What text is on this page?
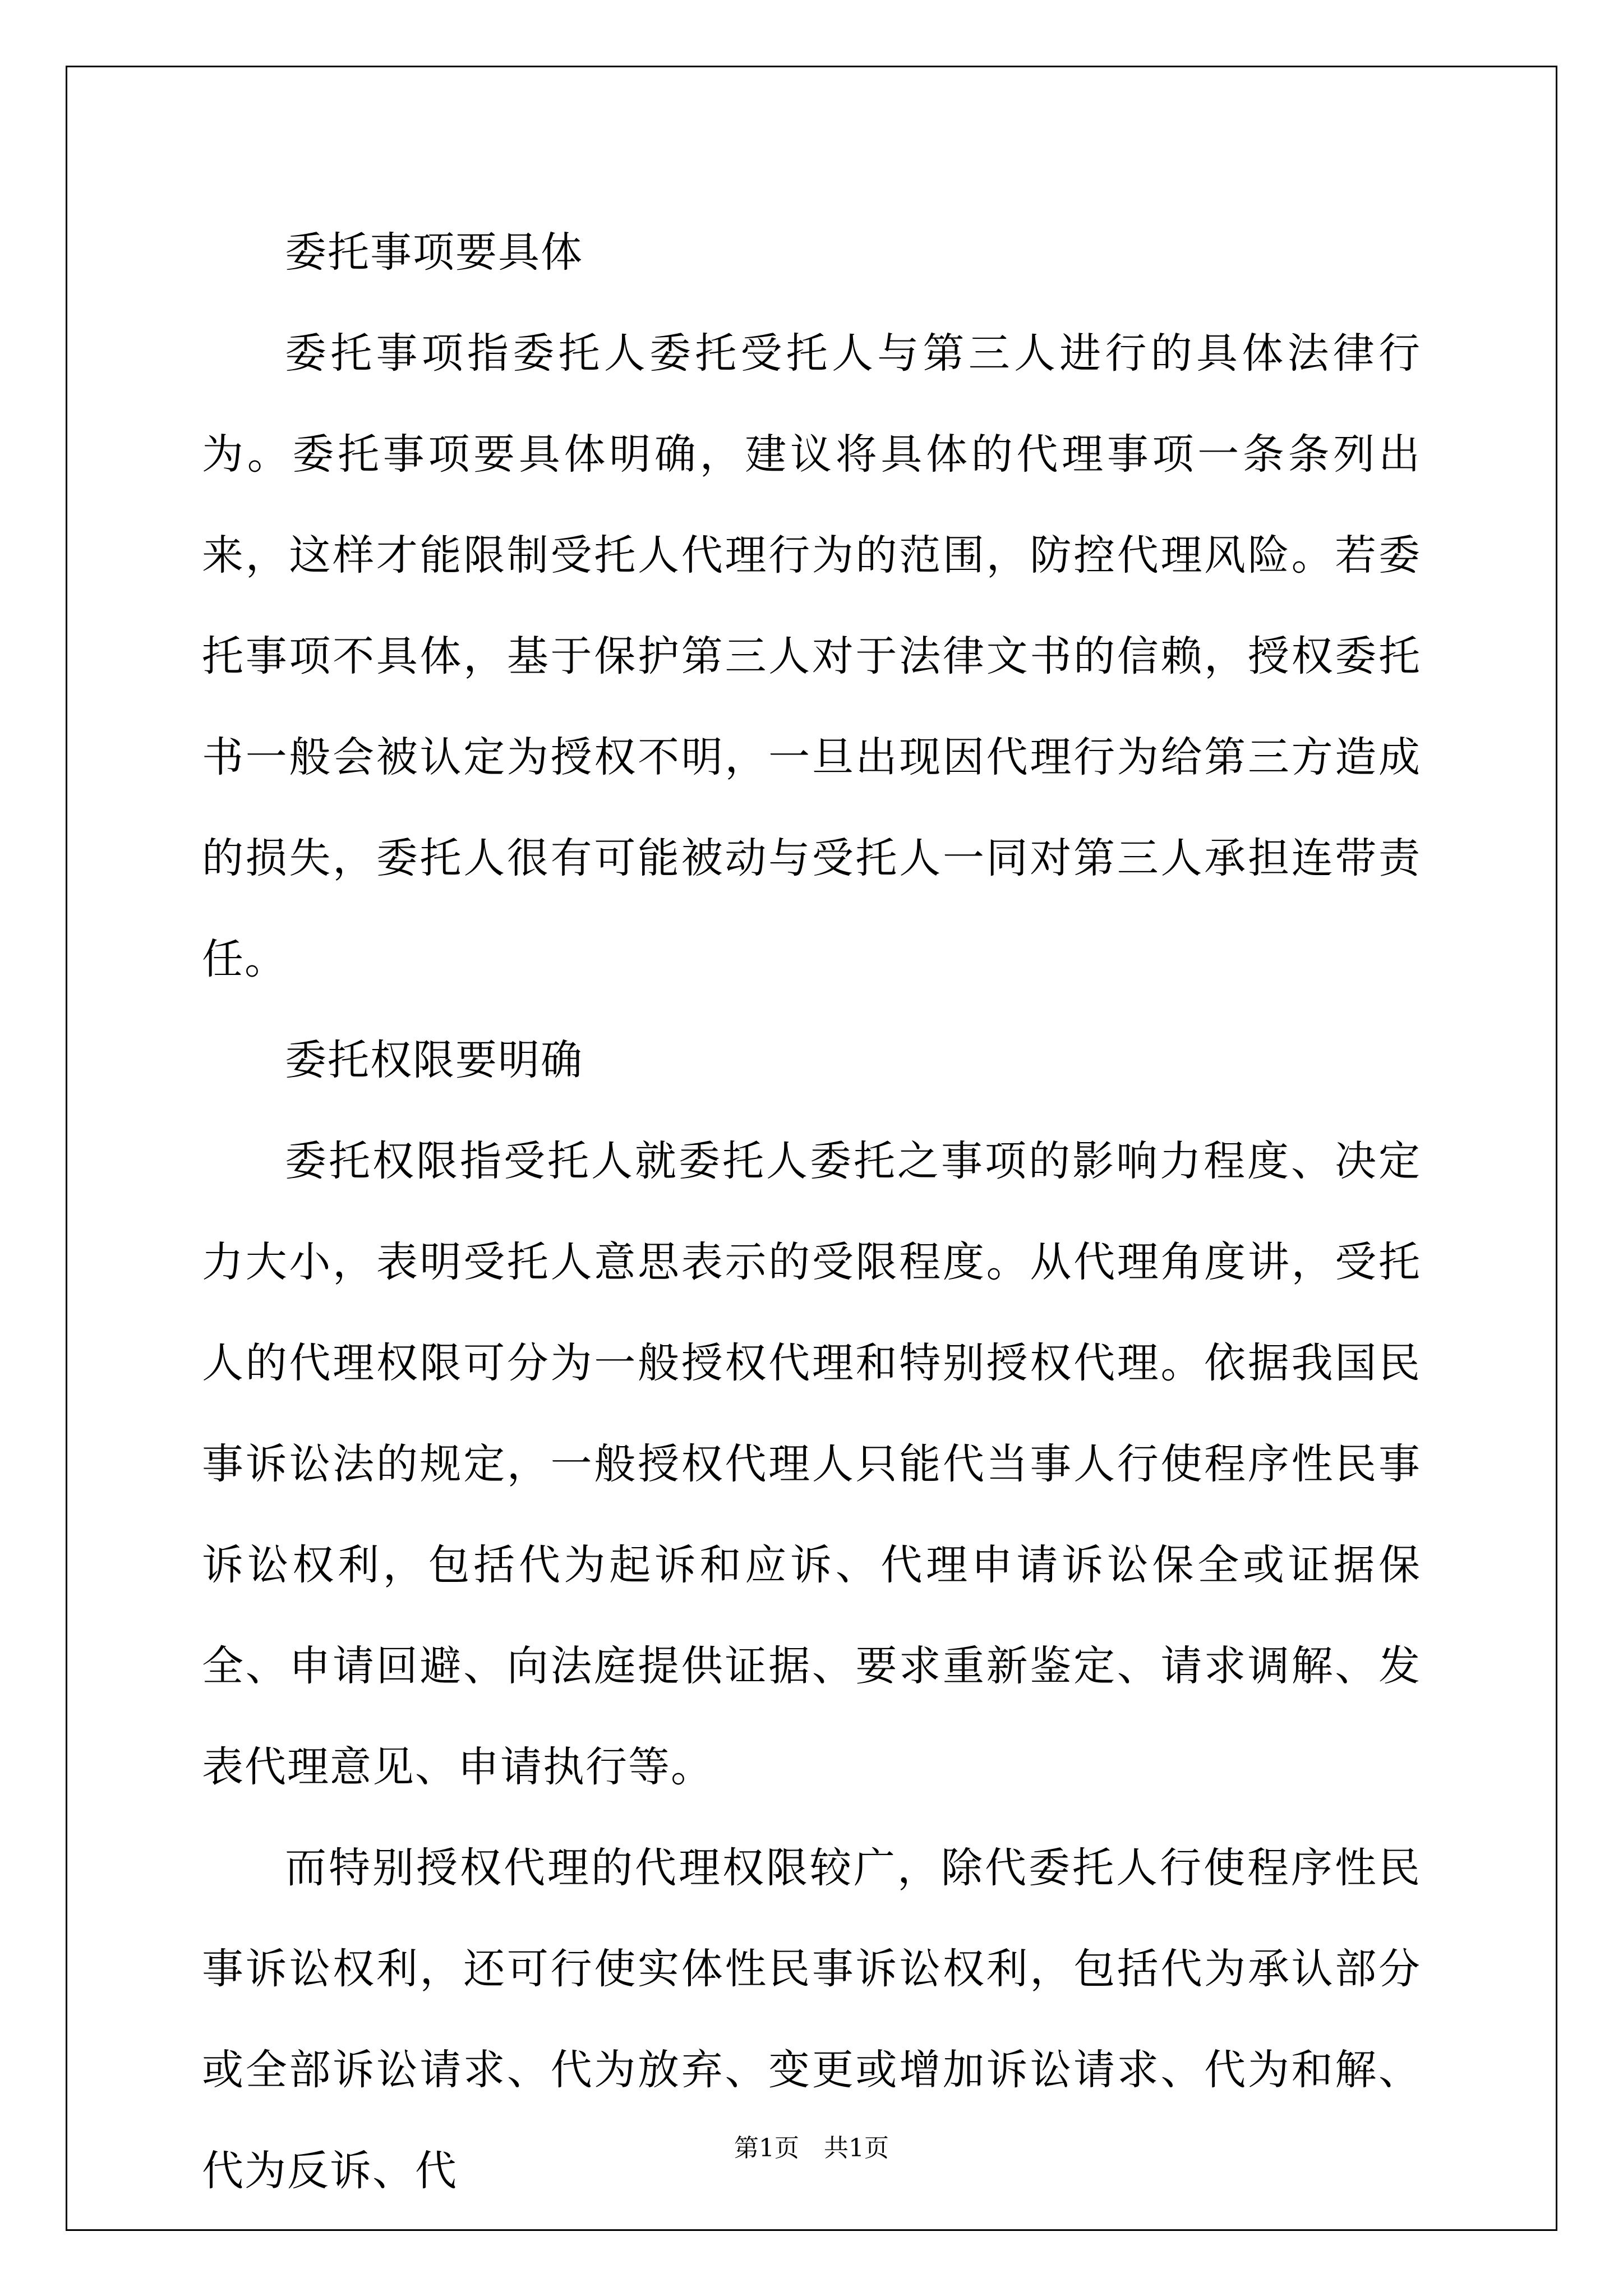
委托事项要具体

委托事项指委托人委托受托人与第三人进行的具体法律行为。委托事项要具体明确，建议将具体的代理事项一条条列出来，这样才能限制受托人代理行为的范围，防控代理风险。若委托事项不具体，基于保护第三人对于法律文书的信赖，授权委托书一般会被认定为授权不明，一旦出现因代理行为给第三方造成的损失，委托人很有可能被动与受托人一同对第三人承担连带责任。

委托权限要明确

委托权限指受托人就委托人委托之事项的影响力程度、决定力大小，表明受托人意思表示的受限程度。从代理角度讲，受托人的代理权限可分为一般授权代理和特别授权代理。依据我国民事诉讼法的规定，一般授权代理人只能代当事人行使程序性民事诉讼权利，包括代为起诉和应诉、代理申请诉讼保全或证据保全、申请回避、向法庭提供证据、要求重新鉴定、请求调解、发表代理意见、申请执行等。

而特别授权代理的代理权限较广，除代委托人行使程序性民事诉讼权利，还可行使实体性民事诉讼权利，包括代为承认部分或全部诉讼请求、代为放弃、变更或增加诉讼请求、代为和解、代为反诉、代	第1页　共1页
